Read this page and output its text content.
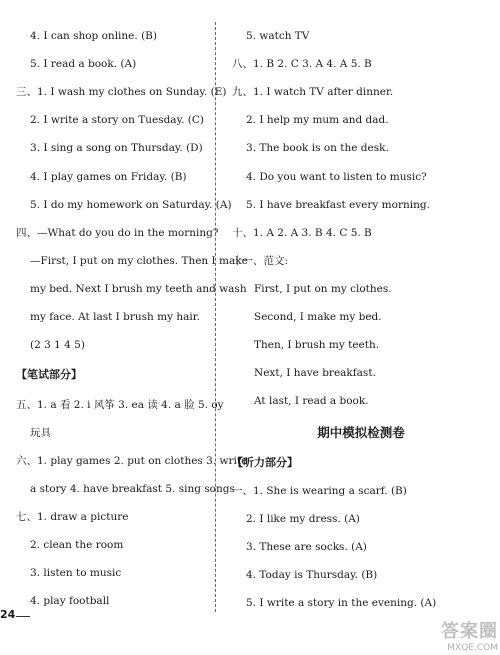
4. I can shop online. (B)
5. I read a book. (A)
三、1. I wash my clothes on Sunday. (E)
2. I write a story on Tuesday. (C)
3. I sing a song on Thursday. (D)
4. I play games on Friday. (B)
5. I do my homework on Saturday. (A)
四、—What do you do in the morning?
—First, I put on my clothes. Then I make
my bed. Next I brush my teeth and wash
my face. At last I brush my hair.
(2 3 1 4 5)
【笔试部分】
五、1. a 看 2. i 风筝 3. ea 读 4. a 脸 5. oy
玩具
六、1. play games 2. put on clothes 3. write
a story 4. have breakfast 5. sing songs
七、1. draw a picture
2. clean the room
3. listen to music
4. play football
5. watch TV
八、1. B 2. C 3. A 4. A 5. B
九、1. I watch TV after dinner.
2. I help my mum and dad.
3. The book is on the desk.
4. Do you want to listen to music?
5. I have breakfast every morning.
十、1. A 2. A 3. B 4. C 5. B
十一、范文:
First, I put on my clothes.
Second, I make my bed.
Then, I brush my teeth.
Next, I have breakfast.
At last, I read a book.
期中模拟检测卷
【听力部分】
一、1. She is wearing a scarf. (B)
2. I like my dress. (A)
3. These are socks. (A)
4. Today is Thursday. (B)
5. I write a story in the evening. (A)
24
答案圈
MXQE.COM
